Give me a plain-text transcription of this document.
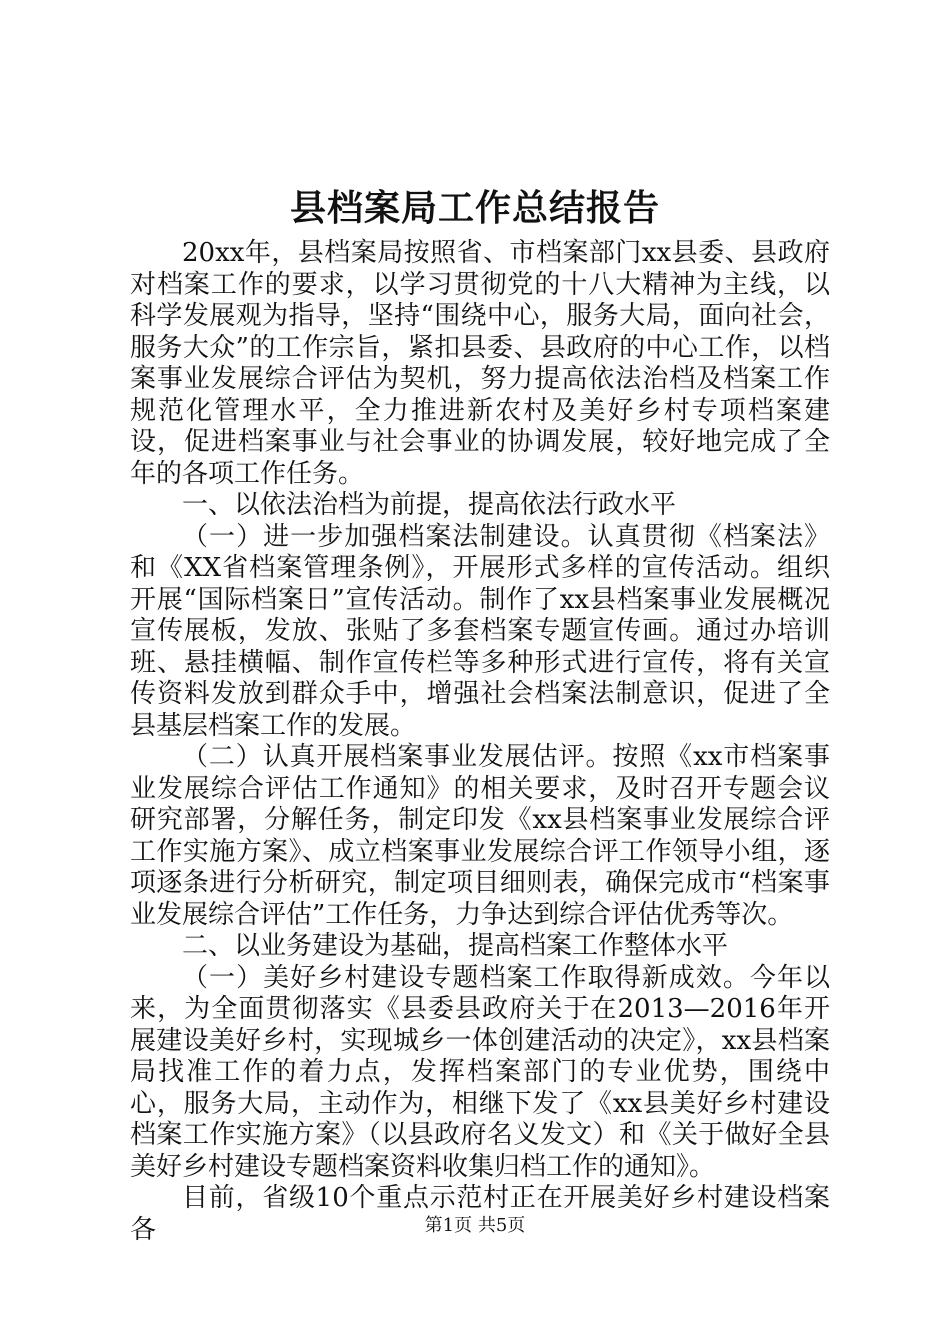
县档案局工作总结报告

20xx年，县档案局按照省、市档案部门xx县委、县政府对档案工作的要求，以学习贯彻党的十八大精神为主线，以科学发展观为指导，坚持“围绕中心，服务大局，面向社会，服务大众”的工作宗旨，紧扣县委、县政府的中心工作，以档案事业发展综合评估为契机，努力提高依法治档及档案工作规范化管理水平，全力推进新农村及美好乡村专项档案建设，促进档案事业与社会事业的协调发展，较好地完成了全年的各项工作任务。

一、以依法治档为前提，提高依法行政水平

（一）进一步加强档案法制建设。认真贯彻《档案法》和《XX省档案管理条例》，开展形式多样的宣传活动。组织开展“国际档案日”宣传活动。制作了xx县档案事业发展概况宣传展板，发放、张贴了多套档案专题宣传画。通过办培训班、悬挂横幅、制作宣传栏等多种形式进行宣传，将有关宣传资料发放到群众手中，增强社会档案法制意识，促进了全县基层档案工作的发展。

（二）认真开展档案事业发展估评。按照《xx市档案事业发展综合评估工作通知》的相关要求，及时召开专题会议研究部署，分解任务，制定印发《xx县档案事业发展综合评工作实施方案》、成立档案事业发展综合评工作领导小组，逐项逐条进行分析研究，制定项目细则表，确保完成市“档案事业发展综合评估”工作任务，力争达到综合评估优秀等次。

二、以业务建设为基础，提高档案工作整体水平

（一）美好乡村建设专题档案工作取得新成效。今年以来，为全面贯彻落实《县委县政府关于在2013—2016年开展建设美好乡村，实现城乡一体创建活动的决定》，xx县档案局找准工作的着力点，发挥档案部门的专业优势，围绕中心，服务大局，主动作为，相继下发了《xx县美好乡村建设档案工作实施方案》（以县政府名义发文）和《关于做好全县美好乡村建设专题档案资料收集归档工作的通知》。

目前，省级10个重点示范村正在开展美好乡村建设档案各	第1页 共5页
